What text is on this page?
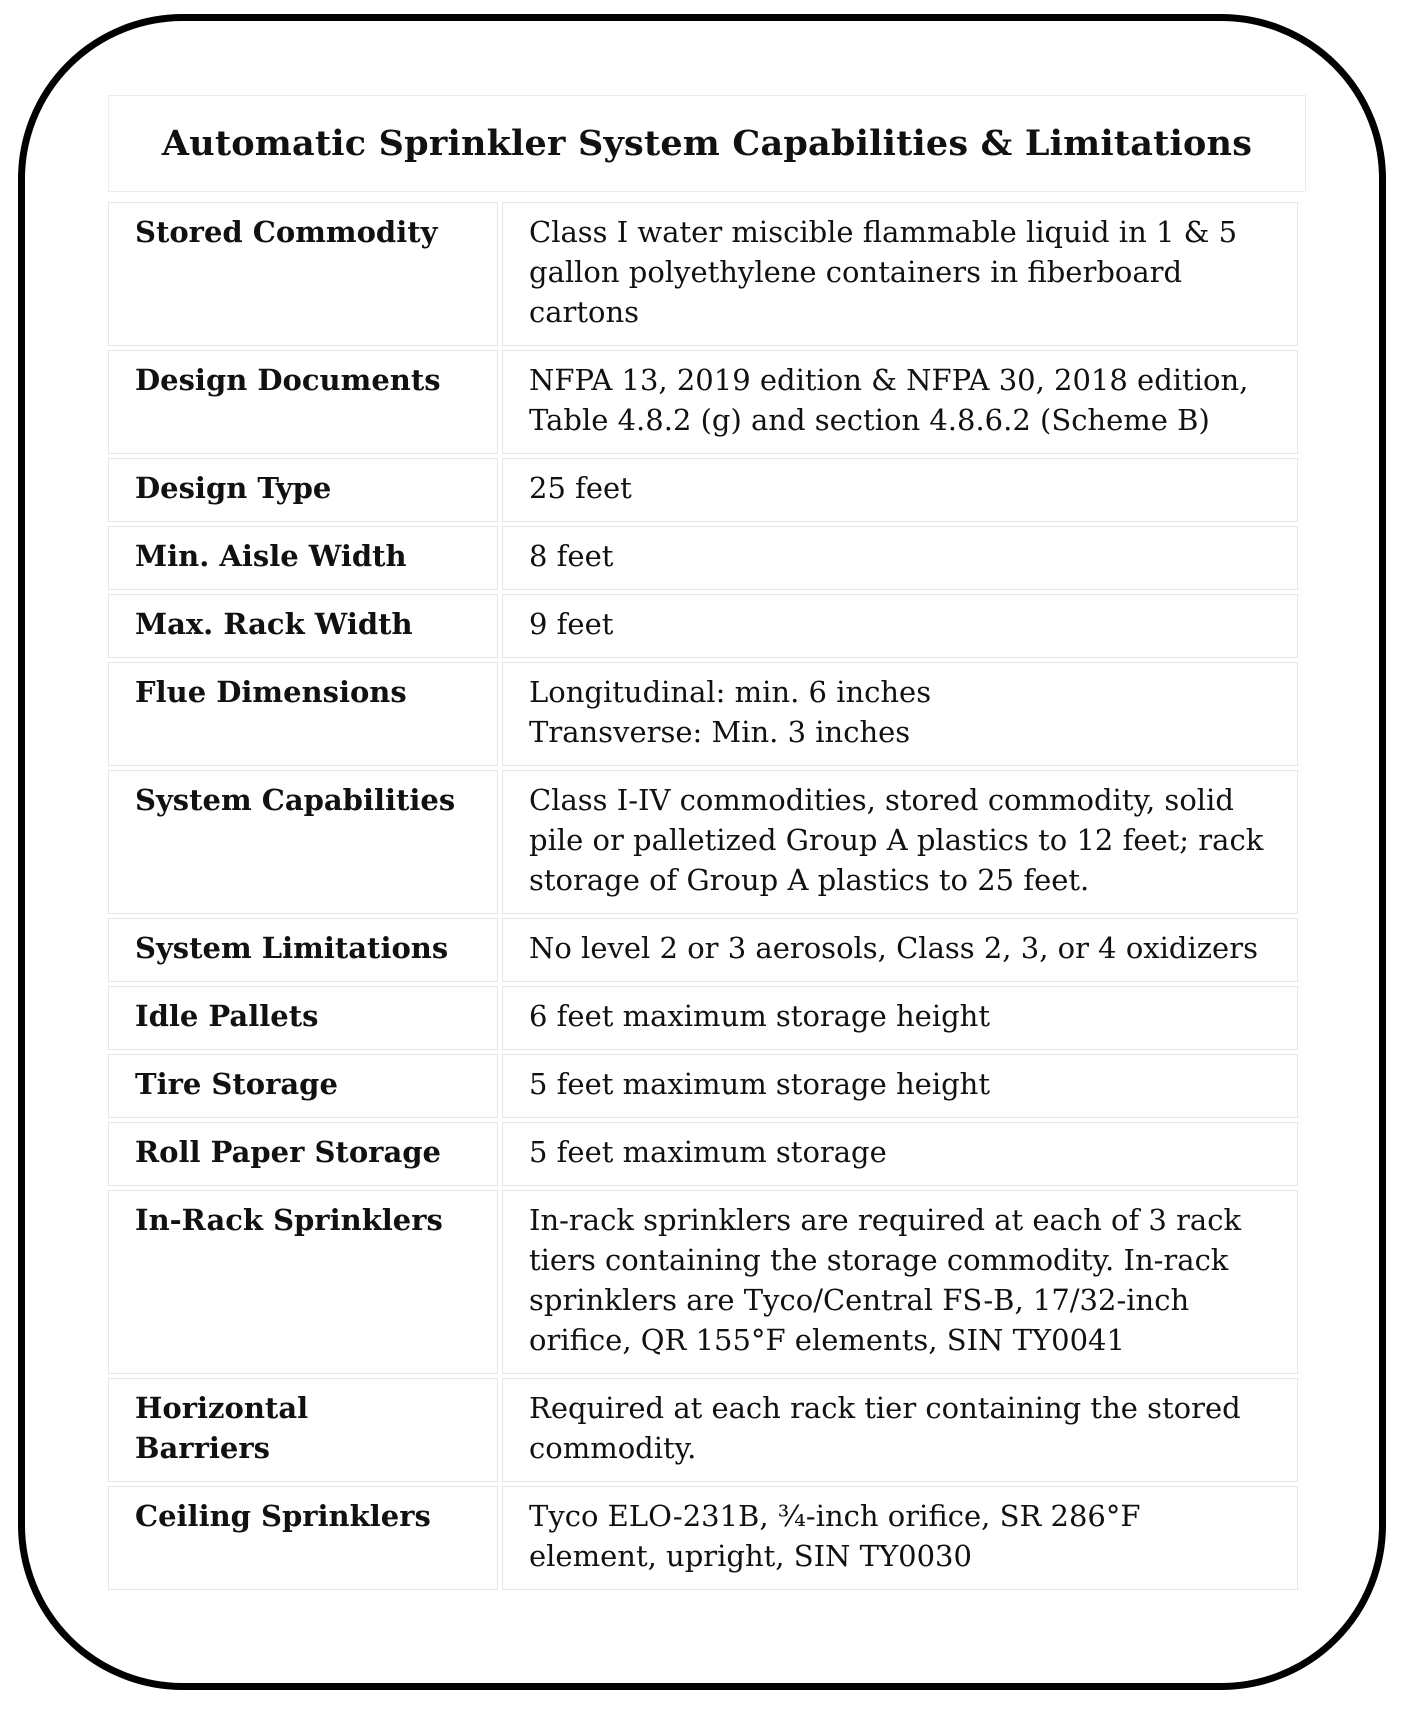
Automatic Sprinkler System Capabilities & Limitations
Stored Commodity	Class I water miscible flammable liquid in 1 & 5
gallon polyethylene containers in fiberboard
cartons

Design Documents	NFPA 13, 2019 edition & NFPA 30, 2018 edition,
Table 4.8.2 (g) and section 4.8.6.2 (Scheme B)

Design Type	25 feet

Min. Aisle Width	8 feet

Max. Rack Width	9 feet

Flue Dimensions	Longitudinal: min. 6 inches
Transverse: Min. 3 inches

System Capabilities	Class I-IV commodities, stored commodity, solid
pile or palletized Group A plastics to 12 feet; rack
storage of Group A plastics to 25 feet.

System Limitations	No level 2 or 3 aerosols, Class 2, 3, or 4 oxidizers

Idle Pallets	6 feet maximum storage height

Tire Storage	5 feet maximum storage height

Roll Paper Storage	5 feet maximum storage

In-Rack Sprinklers	In-rack sprinklers are required at each of 3 rack
tiers containing the storage commodity. In-rack
sprinklers are Tyco/Central FS-B, 17/32-inch
orifice, QR 155°F elements, SIN TY0041

Horizontal
Barriers	Required at each rack tier containing the stored
commodity.

Ceiling Sprinklers	Tyco ELO-231B, ¾-inch orifice, SR 286°F
element, upright, SIN TY0030
